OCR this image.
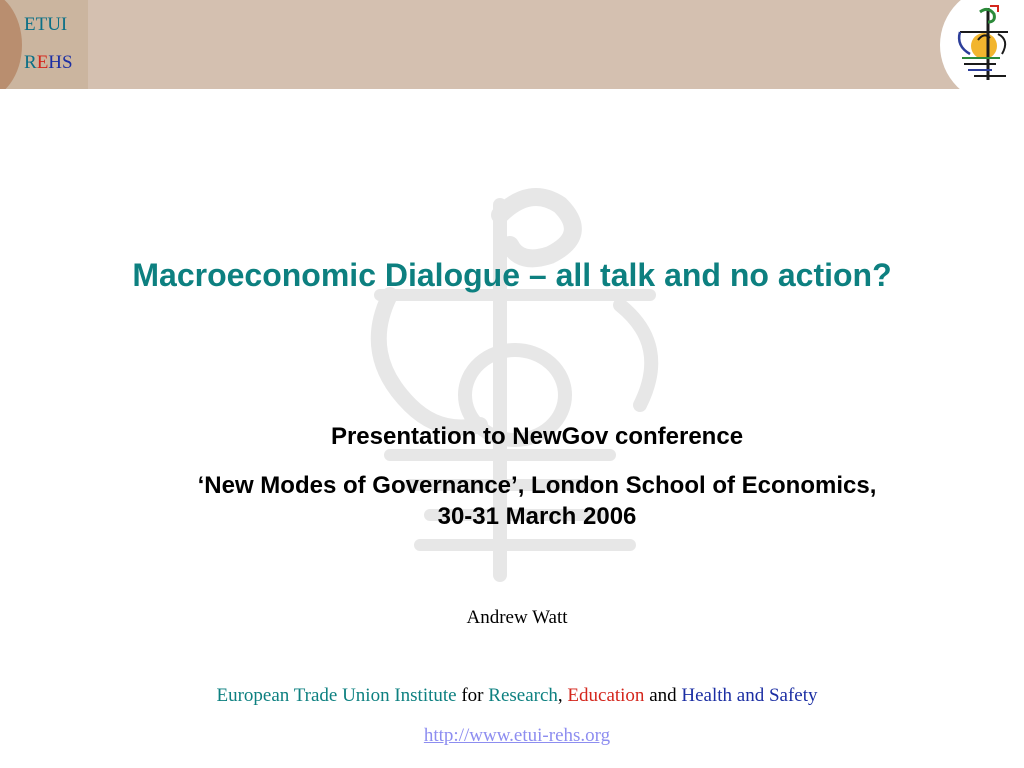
ETUI
REHS
Macroeconomic Dialogue – all talk and no action?
Presentation to NewGov conference
‘New Modes of Governance’, London School of Economics, 30-31 March 2006
Andrew Watt
European Trade Union Institute for Research, Education and Health and Safety
http://www.etui-rehs.org
